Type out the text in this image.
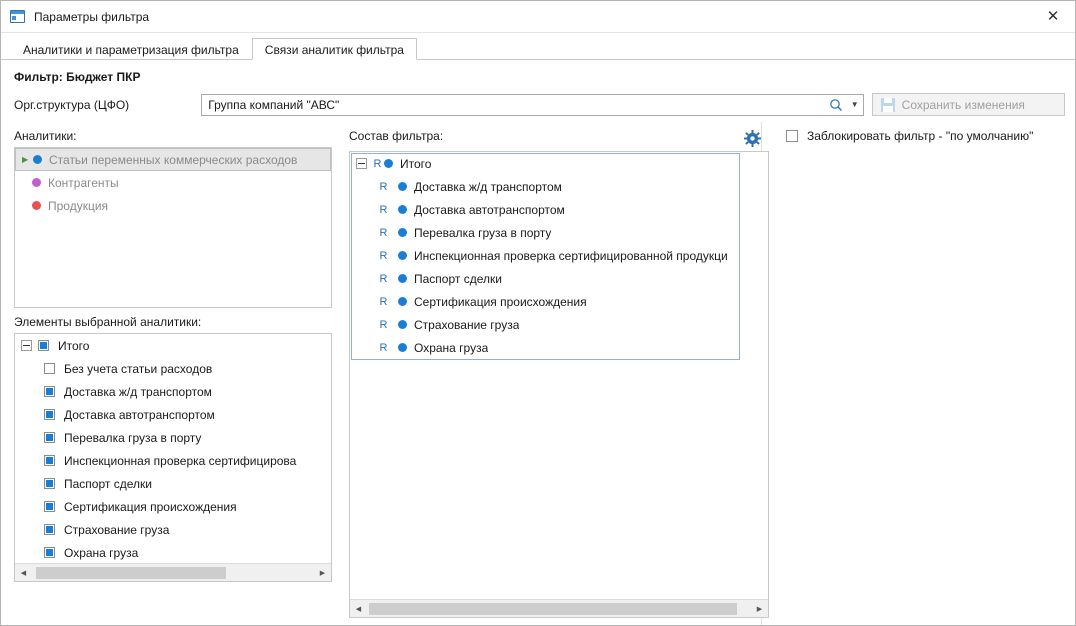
Параметры фильтра	✕
Аналитики и параметризация фильтра	Связи аналитик фильтра
Фильтр: Бюджет ПКР
Орг.структура (ЦФО)	Группа компаний "АВС"	▼	Сохранить изменения
Аналитики:
▶	Статьи переменных коммерческих расходов
Контрагенты
Продукция
Элементы выбранной аналитики:
Итого
Без учета статьи расходов
Доставка ж/д транспортом
Доставка автотранспортом
Перевалка груза в порту
Инспекционная проверка сертифицирова
Паспорт сделки
Сертификация происхождения
Страхование груза
Охрана груза
◀	▶
Состав фильтра:
R Итого
R Доставка ж/д транспортом
R Доставка автотранспортом
R Перевалка груза в порту
R Инспекционная проверка сертифицированной продукци
R Паспорт сделки
R Сертификация происхождения
R Страхование груза
R Охрана груза
◀	▶
Заблокировать фильтр - "по умолчанию"
